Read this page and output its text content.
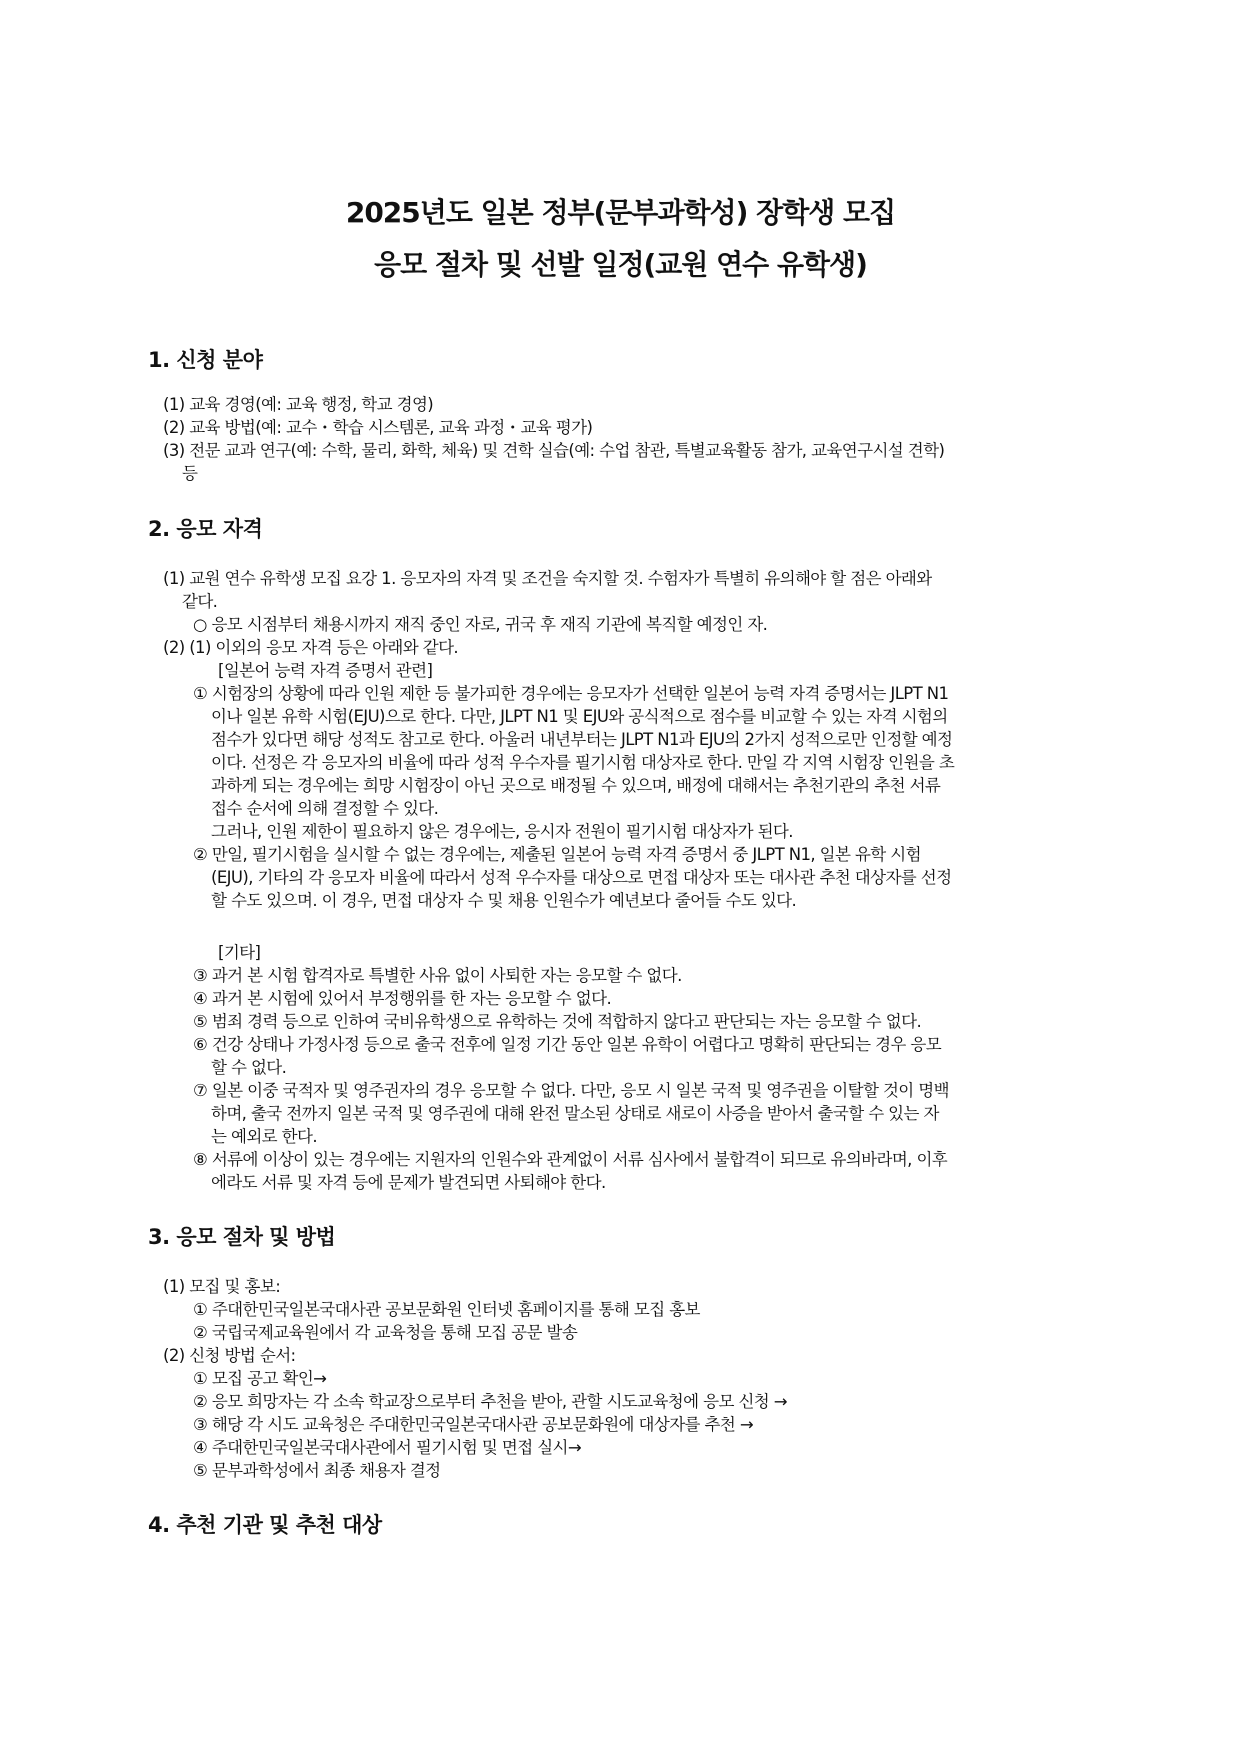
2025년도 일본 정부(문부과학성) 장학생 모집
응모 절차 및 선발 일정(교원 연수 유학생)
1. 신청 분야
(1) 교육 경영(예: 교육 행정, 학교 경영)
(2) 교육 방법(예: 교수・학습 시스템론, 교육 과정・교육 평가)
(3) 전문 교과 연구(예: 수학, 물리, 화학, 체육) 및 견학 실습(예: 수업 참관, 특별교육활동 참가, 교육연구시설 견학)
등
2. 응모 자격
(1) 교원 연수 유학생 모집 요강 1. 응모자의 자격 및 조건을 숙지할 것. 수험자가 특별히 유의해야 할 점은 아래와
같다.
○ 응모 시점부터 채용시까지 재직 중인 자로, 귀국 후 재직 기관에 복직할 예정인 자.
(2) (1) 이외의 응모 자격 등은 아래와 같다.
[일본어 능력 자격 증명서 관련]
① 시험장의 상황에 따라 인원 제한 등 불가피한 경우에는 응모자가 선택한 일본어 능력 자격 증명서는 JLPT N1
이나 일본 유학 시험(EJU)으로 한다. 다만, JLPT N1 및 EJU와 공식적으로 점수를 비교할 수 있는 자격 시험의
점수가 있다면 해당 성적도 참고로 한다. 아울러 내년부터는 JLPT N1과 EJU의 2가지 성적으로만 인정할 예정
이다. 선정은 각 응모자의 비율에 따라 성적 우수자를 필기시험 대상자로 한다. 만일 각 지역 시험장 인원을 초
과하게 되는 경우에는 희망 시험장이 아닌 곳으로 배정될 수 있으며, 배정에 대해서는 추천기관의 추천 서류
접수 순서에 의해 결정할 수 있다.
그러나, 인원 제한이 필요하지 않은 경우에는, 응시자 전원이 필기시험 대상자가 된다.
② 만일, 필기시험을 실시할 수 없는 경우에는, 제출된 일본어 능력 자격 증명서 중 JLPT N1, 일본 유학 시험
(EJU), 기타의 각 응모자 비율에 따라서 성적 우수자를 대상으로 면접 대상자 또는 대사관 추천 대상자를 선정
할 수도 있으며. 이 경우, 면접 대상자 수 및 채용 인원수가 예년보다 줄어들 수도 있다.
[기타]
③ 과거 본 시험 합격자로 특별한 사유 없이 사퇴한 자는 응모할 수 없다.
④ 과거 본 시험에 있어서 부정행위를 한 자는 응모할 수 없다.
⑤ 범죄 경력 등으로 인하여 국비유학생으로 유학하는 것에 적합하지 않다고 판단되는 자는 응모할 수 없다.
⑥ 건강 상태나 가정사정 등으로 출국 전후에 일정 기간 동안 일본 유학이 어렵다고 명확히 판단되는 경우 응모
할 수 없다.
⑦ 일본 이중 국적자 및 영주권자의 경우 응모할 수 없다. 다만, 응모 시 일본 국적 및 영주권을 이탈할 것이 명백
하며, 출국 전까지 일본 국적 및 영주권에 대해 완전 말소된 상태로 새로이 사증을 받아서 출국할 수 있는 자
는 예외로 한다.
⑧ 서류에 이상이 있는 경우에는 지원자의 인원수와 관계없이 서류 심사에서 불합격이 되므로 유의바라며, 이후
에라도 서류 및 자격 등에 문제가 발견되면 사퇴해야 한다.
3. 응모 절차 및 방법
(1) 모집 및 홍보:
① 주대한민국일본국대사관 공보문화원 인터넷 홈페이지를 통해 모집 홍보
② 국립국제교육원에서 각 교육청을 통해 모집 공문 발송
(2) 신청 방법 순서:
① 모집 공고 확인→
② 응모 희망자는 각 소속 학교장으로부터 추천을 받아, 관할 시도교육청에 응모 신청 →
③ 해당 각 시도 교육청은 주대한민국일본국대사관 공보문화원에 대상자를 추천 →
④ 주대한민국일본국대사관에서 필기시험 및 면접 실시→
⑤ 문부과학성에서 최종 채용자 결정
4. 추천 기관 및 추천 대상
